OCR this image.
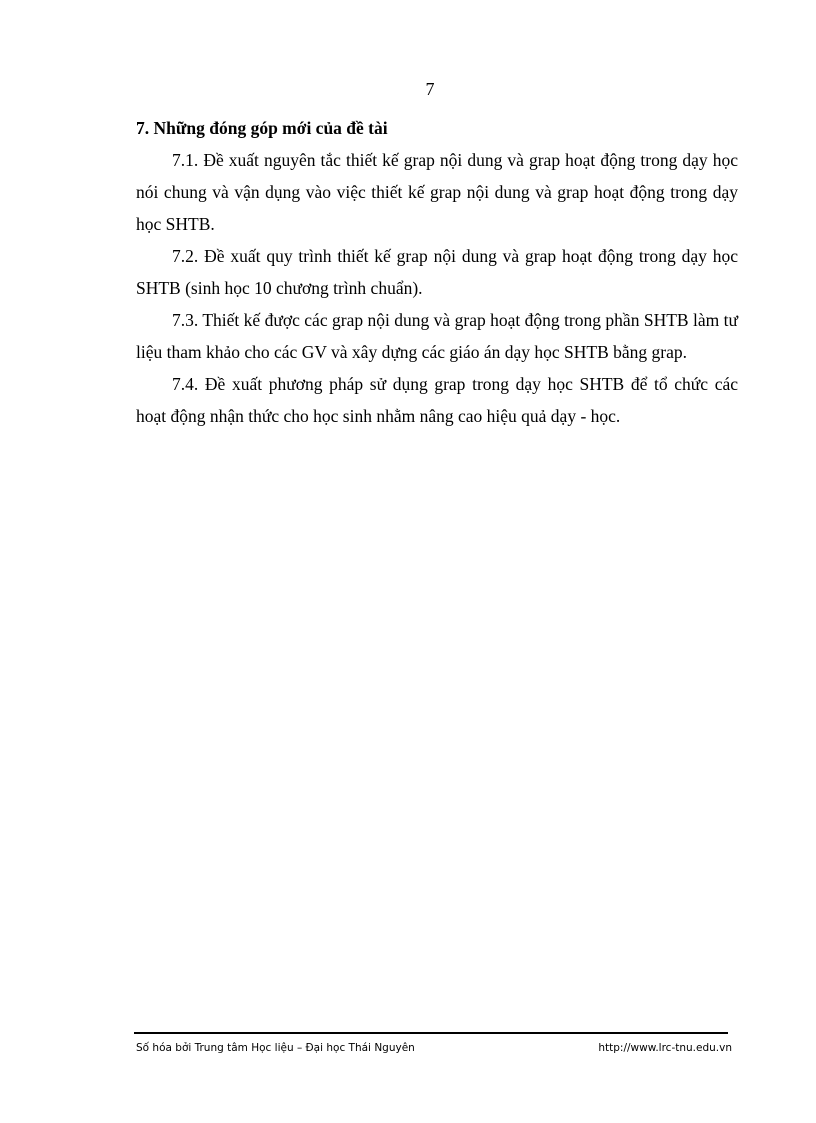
7

7. Những đóng góp mới của đề tài

7.1. Đề xuất nguyên tắc thiết kế grap nội dung và grap hoạt động trong dạy học nói chung và vận dụng vào việc thiết kế grap nội dung và grap hoạt động trong dạy học SHTB.

7.2. Đề xuất quy trình thiết kế grap nội dung và grap hoạt động trong dạy học SHTB (sinh học 10 chương trình chuẩn).

7.3. Thiết kế được các grap nội dung và grap hoạt động trong phần SHTB làm tư liệu tham khảo cho các GV và xây dựng các giáo án dạy học SHTB bằng grap.

7.4. Đề xuất phương pháp sử dụng grap trong dạy học SHTB để tổ chức các hoạt động nhận thức cho học sinh nhằm nâng cao hiệu quả dạy - học.

Số hóa bởi Trung tâm Học liệu – Đại học Thái Nguyên	http://www.lrc-tnu.edu.vn
